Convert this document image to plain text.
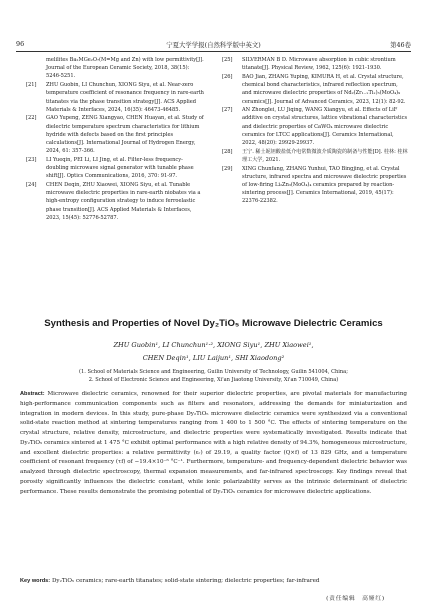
96	宁夏大学学报(自然科学版中英文)	第46卷
melilites Ba₂MGe₂O₇(M=Mg and Zn) with low permittivity[J]. Journal of the European Ceramic Society, 2018, 38(15): 5246-5251.
[21] ZHU Guobin, LI Chunchun, XIONG Siyu, et al. Near-zero temperature coefficient of resonance frequency in rare-earth titanates via the phase transition strategy[J]. ACS Applied Materials & Interfaces, 2024, 16(35): 46473-46485.
[22] GAO Yupeng, ZENG Xiangyao, CHEN Huayan, et al. Study of dielectric temperature spectrum characteristics for lithium hydride with defects based on the first principles calculations[J]. International Journal of Hydrogen Energy, 2024, 61: 357-366.
[23] LI Yueqin, PEI Li, LI Jing, et al. Filter-less frequency-doubling microwave signal generator with tunable phase shift[J]. Optics Communications, 2016, 370: 91-97.
[24] CHEN Deqin, ZHU Xiaowei, XIONG Siyu, et al. Tunable microwave dielectric properties in rare-earth niobates via a high-entropy configuration strategy to induce ferroelastic phase transition[J]. ACS Applied Materials & Interfaces, 2023, 15(45): 52776-52787.
[25] SILVERMAN B D. Microwave absorption in cubic strontium titanate[J]. Physical Review, 1962, 125(6): 1921-1930.
[26] BAO Jian, ZHANG Yuping, KIMURA H, et al. Crystal structure, chemical bond characteristics, infrared reflection spectrum, and microwave dielectric properties of Nd₂(Zr₁₋ₓTiₓ)₃(MoO₄)₉ ceramics[J]. Journal of Advanced Ceramics, 2023, 12(1): 82-92.
[27] AN Zhonglei, LU Jiqing, WANG Xiangyu, et al. Effects of LiF additive on crystal structures, lattice vibrational characteristics and dielectric properties of CaWO₄ microwave dielectric ceramics for LTCC applications[J]. Ceramics International, 2022, 48(20): 29929-29937.
[28] 王宁. 稀土铌钽酸盐低介电常数微波介质陶瓷的制备与性能[D]. 桂林: 桂林理工大学, 2021.
[29] XING Chunfang, ZHANG Yunhui, TAO Bingjing, et al. Crystal structure, infrared spectra and microwave dielectric properties of low-firing Li₂Zn₃(MoO₄)₄ ceramics prepared by reaction-sintering process[J]. Ceramics International, 2019, 45(17): 22376-22382.
Synthesis and Properties of Novel Dy₂TiO₅ Microwave Dielectric Ceramics
ZHU Guobin¹, LI Chunchun¹·², XIONG Siyu¹, ZHU Xiaowei¹,
CHEN Deqin¹, LIU Laijun¹, SHI Xiaodong²
(1. School of Materials Science and Engineering, Guilin University of Technology, Guilin 541004, China;
2. School of Electronic Science and Engineering, Xi'an Jiaotong University, Xi'an 710049, China)
Abstract: Microwave dielectric ceramics, renowned for their superior dielectric properties, are pivotal materials for manufacturing high-performance communication components such as filters and resonators, addressing the demands for miniaturization and integration in modern devices. In this study, pure-phase Dy₂TiO₅ microwave dielectric ceramics were synthesized via a conventional solid-state reaction method at sintering temperatures ranging from 1 400 to 1 500 °C. The effects of sintering temperature on the crystal structure, relative density, microstructure, and dielectric properties were systematically investigated. Results indicate that Dy₂TiO₅ ceramics sintered at 1 475 °C exhibit optimal performance with a high relative density of 94.3%, homogeneous microstructure, and excellent dielectric properties: a relative permittivity (εᵣ) of 29.19, a quality factor (Q×f) of 13 829 GHz, and a temperature coefficient of resonant frequency (τf) of −19.4×10⁻⁶ °C⁻¹. Furthermore, temperature- and frequency-dependent dielectric behavior was analyzed through dielectric spectroscopy, thermal expansion measurements, and far-infrared spectroscopy. Key findings reveal that porosity significantly influences the dielectric constant, while ionic polarizability serves as the intrinsic determinant of dielectric performance. These results demonstrate the promising potential of Dy₂TiO₅ ceramics for microwave dielectric applications.
Key words: Dy₂TiO₅ ceramics; rare-earth titanates; solid-state sintering; dielectric properties; far-infrared
(责任编辑　高娅红)
